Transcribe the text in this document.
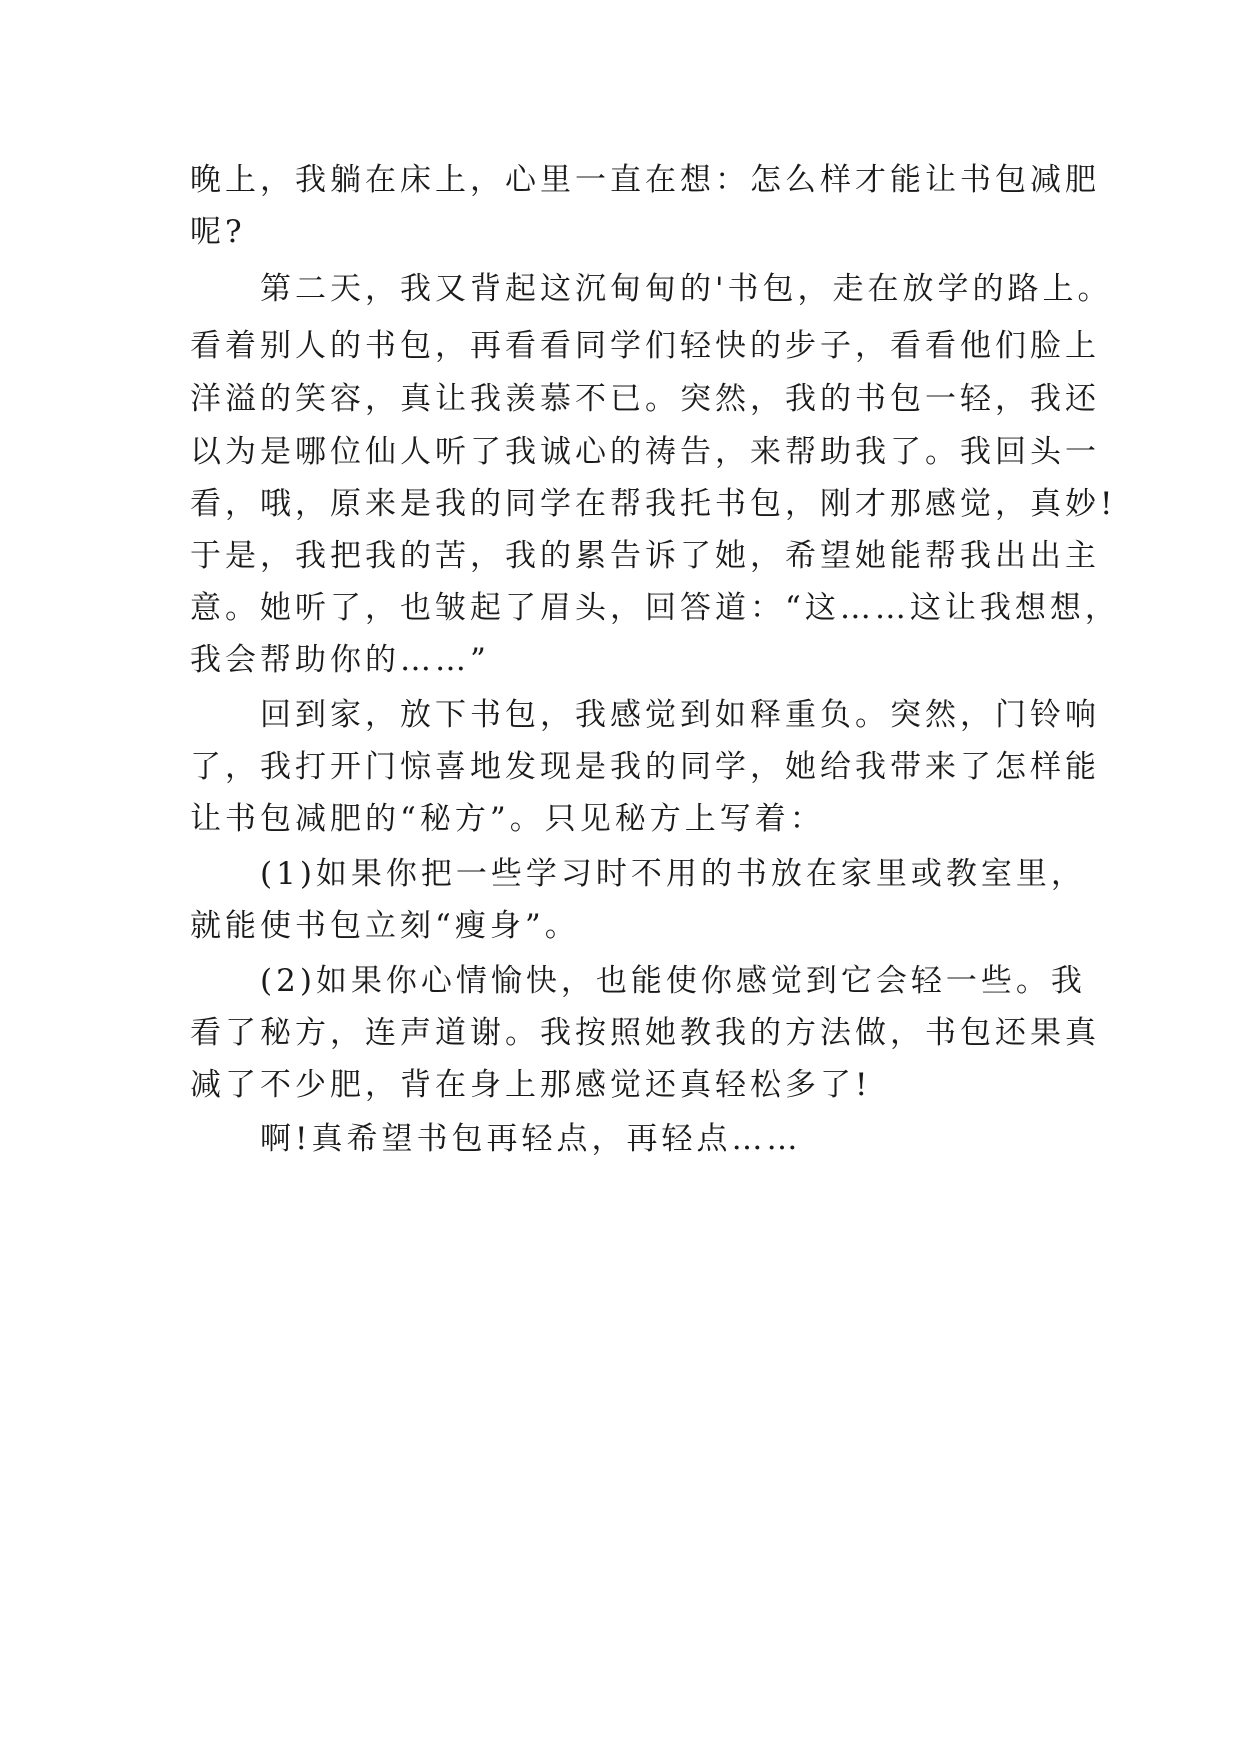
晚上，我躺在床上，心里一直在想：怎么样才能让书包减肥
呢?
第二天，我又背起这沉甸甸的'书包，走在放学的路上。
看着别人的书包，再看看同学们轻快的步子，看看他们脸上
洋溢的笑容，真让我羡慕不已。突然，我的书包一轻，我还
以为是哪位仙人听了我诚心的祷告，来帮助我了。我回头一
看，哦，原来是我的同学在帮我托书包，刚才那感觉，真妙!
于是，我把我的苦，我的累告诉了她，希望她能帮我出出主
意。她听了，也皱起了眉头，回答道：“这……这让我想想，
我会帮助你的……”
回到家，放下书包，我感觉到如释重负。突然，门铃响
了，我打开门惊喜地发现是我的同学，她给我带来了怎样能
让书包减肥的“秘方”。只见秘方上写着：
(1)如果你把一些学习时不用的书放在家里或教室里，
就能使书包立刻“瘦身”。
(2)如果你心情愉快，也能使你感觉到它会轻一些。我
看了秘方，连声道谢。我按照她教我的方法做，书包还果真
减了不少肥，背在身上那感觉还真轻松多了!
啊!真希望书包再轻点，再轻点……
